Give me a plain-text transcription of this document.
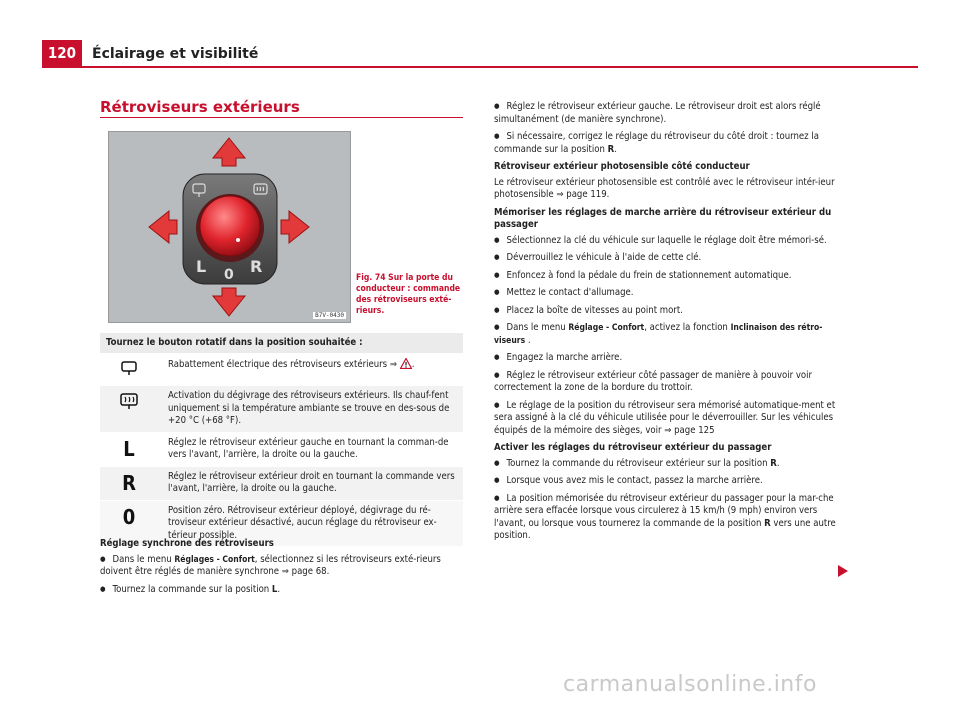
120	Éclairage et visibilité
Rétroviseurs extérieurs
L 0 R
B7V-0430
Fig. 74 Sur la porte du conducteur : commande des rétroviseurs extérieurs.
Tournez le bouton rotatif dans la position souhaitée :
Rabattement électrique des rétroviseurs extérieurs ⇒ .
Activation du dégivrage des rétroviseurs extérieurs. Ils chauf-fent uniquement si la température ambiante se trouve en des-sous de +20 °C (+68 °F).
L	Réglez le rétroviseur extérieur gauche en tournant la comman-de vers l'avant, l'arrière, la droite ou la gauche.
R	Réglez le rétroviseur extérieur droit en tournant la commande vers l'avant, l'arrière, la droite ou la gauche.
0	Position zéro. Rétroviseur extérieur déployé, dégivrage du ré-troviseur extérieur désactivé, aucun réglage du rétroviseur ex-térieur possible.
Réglage synchrone des rétroviseurs

● Dans le menu Réglages - Confort, sélectionnez si les rétroviseurs exté-rieurs doivent être réglés de manière synchrone ⇒ page 68.

● Tournez la commande sur la position L.

● Réglez le rétroviseur extérieur gauche. Le rétroviseur droit est alors réglé simultanément (de manière synchrone).

● Si nécessaire, corrigez le réglage du rétroviseur du côté droit : tournez la commande sur la position R.

Rétroviseur extérieur photosensible côté conducteur

Le rétroviseur extérieur photosensible est contrôlé avec le rétroviseur intér-ieur photosensible ⇒ page 119.

Mémoriser les réglages de marche arrière du rétroviseur extérieur du passager

● Sélectionnez la clé du véhicule sur laquelle le réglage doit être mémori-sé.

● Déverrouillez le véhicule à l'aide de cette clé.

● Enfoncez à fond la pédale du frein de stationnement automatique.

● Mettez le contact d'allumage.

● Placez la boîte de vitesses au point mort.

● Dans le menu Réglage - Confort, activez la fonction Inclinaison des rétro-viseurs .

● Engagez la marche arrière.

● Réglez le rétroviseur extérieur côté passager de manière à pouvoir voir correctement la zone de la bordure du trottoir.

● Le réglage de la position du rétroviseur sera mémorisé automatique-ment et sera assigné à la clé du véhicule utilisée pour le déverrouiller. Sur les véhicules équipés de la mémoire des sièges, voir ⇒ page 125

Activer les réglages du rétroviseur extérieur du passager

● Tournez la commande du rétroviseur extérieur sur la position R.

● Lorsque vous avez mis le contact, passez la marche arrière.

● La position mémorisée du rétroviseur extérieur du passager pour la mar-che arrière sera effacée lorsque vous circulerez à 15 km/h (9 mph) environ vers l'avant, ou lorsque vous tournerez la commande de la position R vers une autre position.

carmanualsonline.info
